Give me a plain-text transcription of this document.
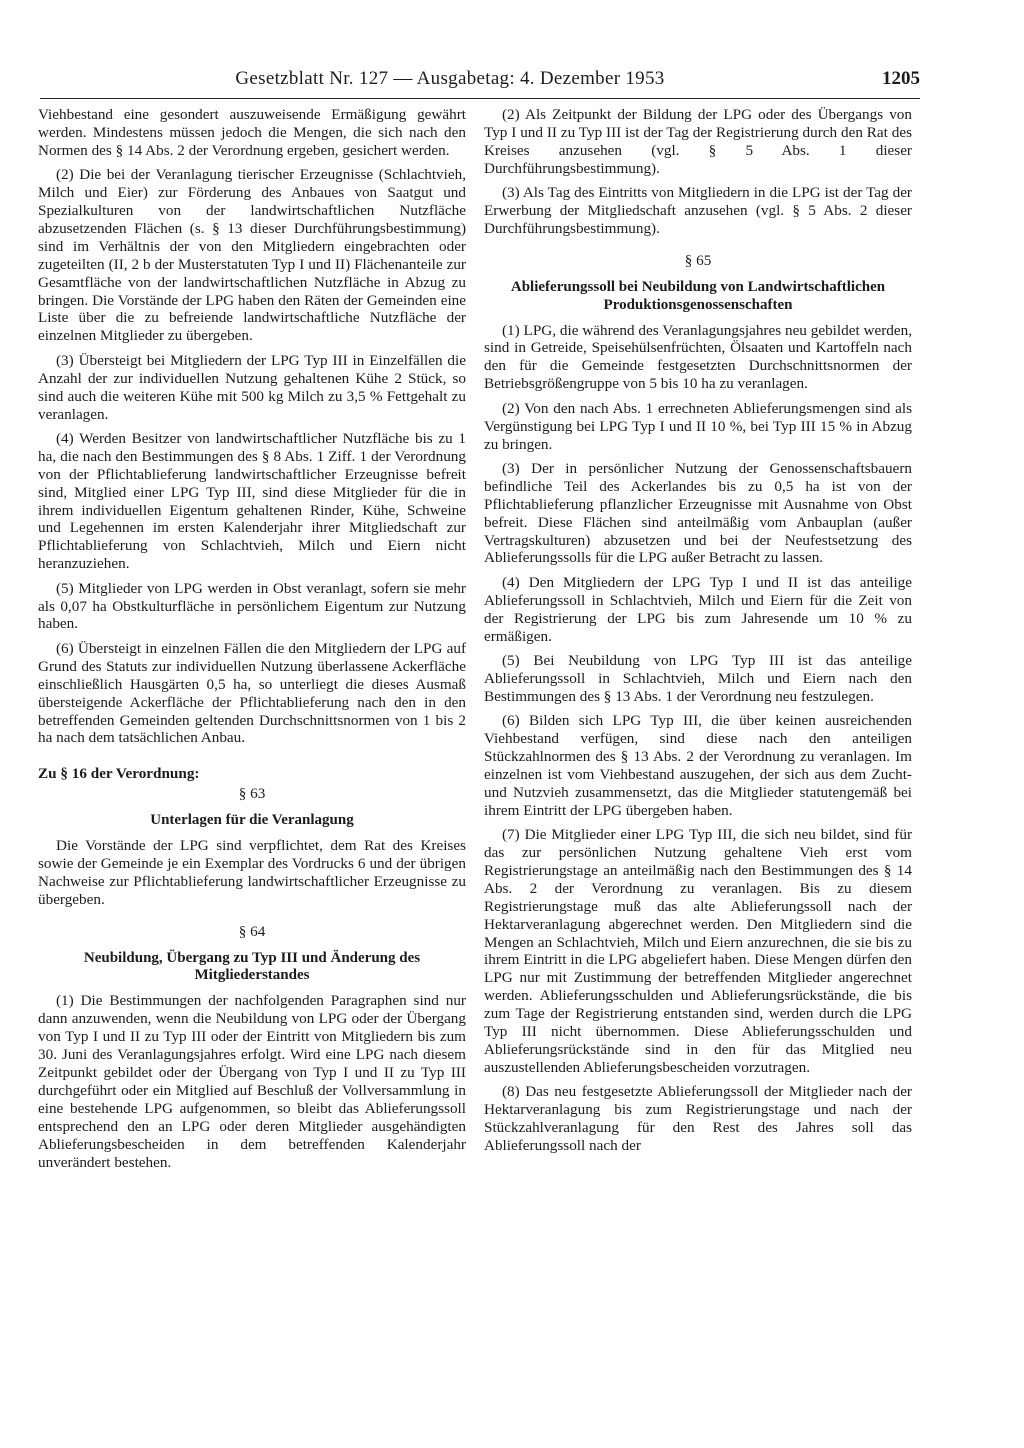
Gesetzblatt Nr. 127 — Ausgabetag: 4. Dezember 1953	1205

Viehbestand eine gesondert auszuweisende Ermäßigung gewährt werden. Mindestens müssen jedoch die Mengen, die sich nach den Normen des § 14 Abs. 2 der Verordnung ergeben, gesichert werden.

(2) Die bei der Veranlagung tierischer Erzeugnisse (Schlachtvieh, Milch und Eier) zur Förderung des Anbaues von Saatgut und Spezialkulturen von der landwirtschaftlichen Nutzfläche abzusetzenden Flächen (s. § 13 dieser Durchführungsbestimmung) sind im Verhältnis der von den Mitgliedern eingebrachten oder zugeteilten (II, 2 b der Musterstatuten Typ I und II) Flächenanteile zur Gesamtfläche von der landwirtschaftlichen Nutzfläche in Abzug zu bringen. Die Vorstände der LPG haben den Räten der Gemeinden eine Liste über die zu befreiende landwirtschaftliche Nutzfläche der einzelnen Mitglieder zu übergeben.

(3) Übersteigt bei Mitgliedern der LPG Typ III in Einzelfällen die Anzahl der zur individuellen Nutzung gehaltenen Kühe 2 Stück, so sind auch die weiteren Kühe mit 500 kg Milch zu 3,5 % Fettgehalt zu veranlagen.

(4) Werden Besitzer von landwirtschaftlicher Nutzfläche bis zu 1 ha, die nach den Bestimmungen des § 8 Abs. 1 Ziff. 1 der Verordnung von der Pflichtablieferung landwirtschaftlicher Erzeugnisse befreit sind, Mitglied einer LPG Typ III, sind diese Mitglieder für die in ihrem individuellen Eigentum gehaltenen Rinder, Kühe, Schweine und Legehennen im ersten Kalenderjahr ihrer Mitgliedschaft zur Pflichtablieferung von Schlachtvieh, Milch und Eiern nicht heranzuziehen.

(5) Mitglieder von LPG werden in Obst veranlagt, sofern sie mehr als 0,07 ha Obstkulturfläche in persönlichem Eigentum zur Nutzung haben.

(6) Übersteigt in einzelnen Fällen die den Mitgliedern der LPG auf Grund des Statuts zur individuellen Nutzung überlassene Ackerfläche einschließlich Hausgärten 0,5 ha, so unterliegt die dieses Ausmaß übersteigende Ackerfläche der Pflichtablieferung nach den in den betreffenden Gemeinden geltenden Durchschnittsnormen von 1 bis 2 ha nach dem tatsächlichen Anbau.

Zu § 16 der Verordnung:

§ 63

Unterlagen für die Veranlagung

Die Vorstände der LPG sind verpflichtet, dem Rat des Kreises sowie der Gemeinde je ein Exemplar des Vordrucks 6 und der übrigen Nachweise zur Pflichtablieferung landwirtschaftlicher Erzeugnisse zu übergeben.

§ 64

Neubildung, Übergang zu Typ III und Änderung des Mitgliederstandes

(1) Die Bestimmungen der nachfolgenden Paragraphen sind nur dann anzuwenden, wenn die Neubildung von LPG oder der Übergang von Typ I und II zu Typ III oder der Eintritt von Mitgliedern bis zum 30. Juni des Veranlagungsjahres erfolgt. Wird eine LPG nach diesem Zeitpunkt gebildet oder der Übergang von Typ I und II zu Typ III durchgeführt oder ein Mitglied auf Beschluß der Vollversammlung in eine bestehende LPG aufgenommen, so bleibt das Ablieferungssoll entsprechend den an LPG oder deren Mitglieder ausgehändigten Ablieferungsbescheiden in dem betreffenden Kalenderjahr unverändert bestehen.

(2) Als Zeitpunkt der Bildung der LPG oder des Übergangs von Typ I und II zu Typ III ist der Tag der Registrierung durch den Rat des Kreises anzusehen (vgl. § 5 Abs. 1 dieser Durchführungsbestimmung).

(3) Als Tag des Eintritts von Mitgliedern in die LPG ist der Tag der Erwerbung der Mitgliedschaft anzusehen (vgl. § 5 Abs. 2 dieser Durchführungsbestimmung).

§ 65

Ablieferungssoll bei Neubildung von Landwirtschaftlichen Produktionsgenossenschaften

(1) LPG, die während des Veranlagungsjahres neu gebildet werden, sind in Getreide, Speisehülsenfrüchten, Ölsaaten und Kartoffeln nach den für die Gemeinde festgesetzten Durchschnittsnormen der Betriebsgrößengruppe von 5 bis 10 ha zu veranlagen.

(2) Von den nach Abs. 1 errechneten Ablieferungsmengen sind als Vergünstigung bei LPG Typ I und II 10 %, bei Typ III 15 % in Abzug zu bringen.

(3) Der in persönlicher Nutzung der Genossenschaftsbauern befindliche Teil des Ackerlandes bis zu 0,5 ha ist von der Pflichtablieferung pflanzlicher Erzeugnisse mit Ausnahme von Obst befreit. Diese Flächen sind anteilmäßig vom Anbauplan (außer Vertragskulturen) abzusetzen und bei der Neufestsetzung des Ablieferungssolls für die LPG außer Betracht zu lassen.

(4) Den Mitgliedern der LPG Typ I und II ist das anteilige Ablieferungssoll in Schlachtvieh, Milch und Eiern für die Zeit von der Registrierung der LPG bis zum Jahresende um 10 % zu ermäßigen.

(5) Bei Neubildung von LPG Typ III ist das anteilige Ablieferungssoll in Schlachtvieh, Milch und Eiern nach den Bestimmungen des § 13 Abs. 1 der Verordnung neu festzulegen.

(6) Bilden sich LPG Typ III, die über keinen ausreichenden Viehbestand verfügen, sind diese nach den anteiligen Stückzahlnormen des § 13 Abs. 2 der Verordnung zu veranlagen. Im einzelnen ist vom Viehbestand auszugehen, der sich aus dem Zucht- und Nutzvieh zusammensetzt, das die Mitglieder statutengemäß bei ihrem Eintritt der LPG übergeben haben.

(7) Die Mitglieder einer LPG Typ III, die sich neu bildet, sind für das zur persönlichen Nutzung gehaltene Vieh erst vom Registrierungstage an anteilmäßig nach den Bestimmungen des § 14 Abs. 2 der Verordnung zu veranlagen. Bis zu diesem Registrierungstage muß das alte Ablieferungssoll nach der Hektarveranlagung abgerechnet werden. Den Mitgliedern sind die Mengen an Schlachtvieh, Milch und Eiern anzurechnen, die sie bis zu ihrem Eintritt in die LPG abgeliefert haben. Diese Mengen dürfen den LPG nur mit Zustimmung der betreffenden Mitglieder angerechnet werden. Ablieferungsschulden und Ablieferungsrückstände, die bis zum Tage der Registrierung entstanden sind, werden durch die LPG Typ III nicht übernommen. Diese Ablieferungsschulden und Ablieferungsrückstände sind in den für das Mitglied neu auszustellenden Ablieferungsbescheiden vorzutragen.

(8) Das neu festgesetzte Ablieferungssoll der Mitglieder nach der Hektarveranlagung bis zum Registrierungstage und nach der Stückzahlveranlagung für den Rest des Jahres soll das Ablieferungssoll nach der
